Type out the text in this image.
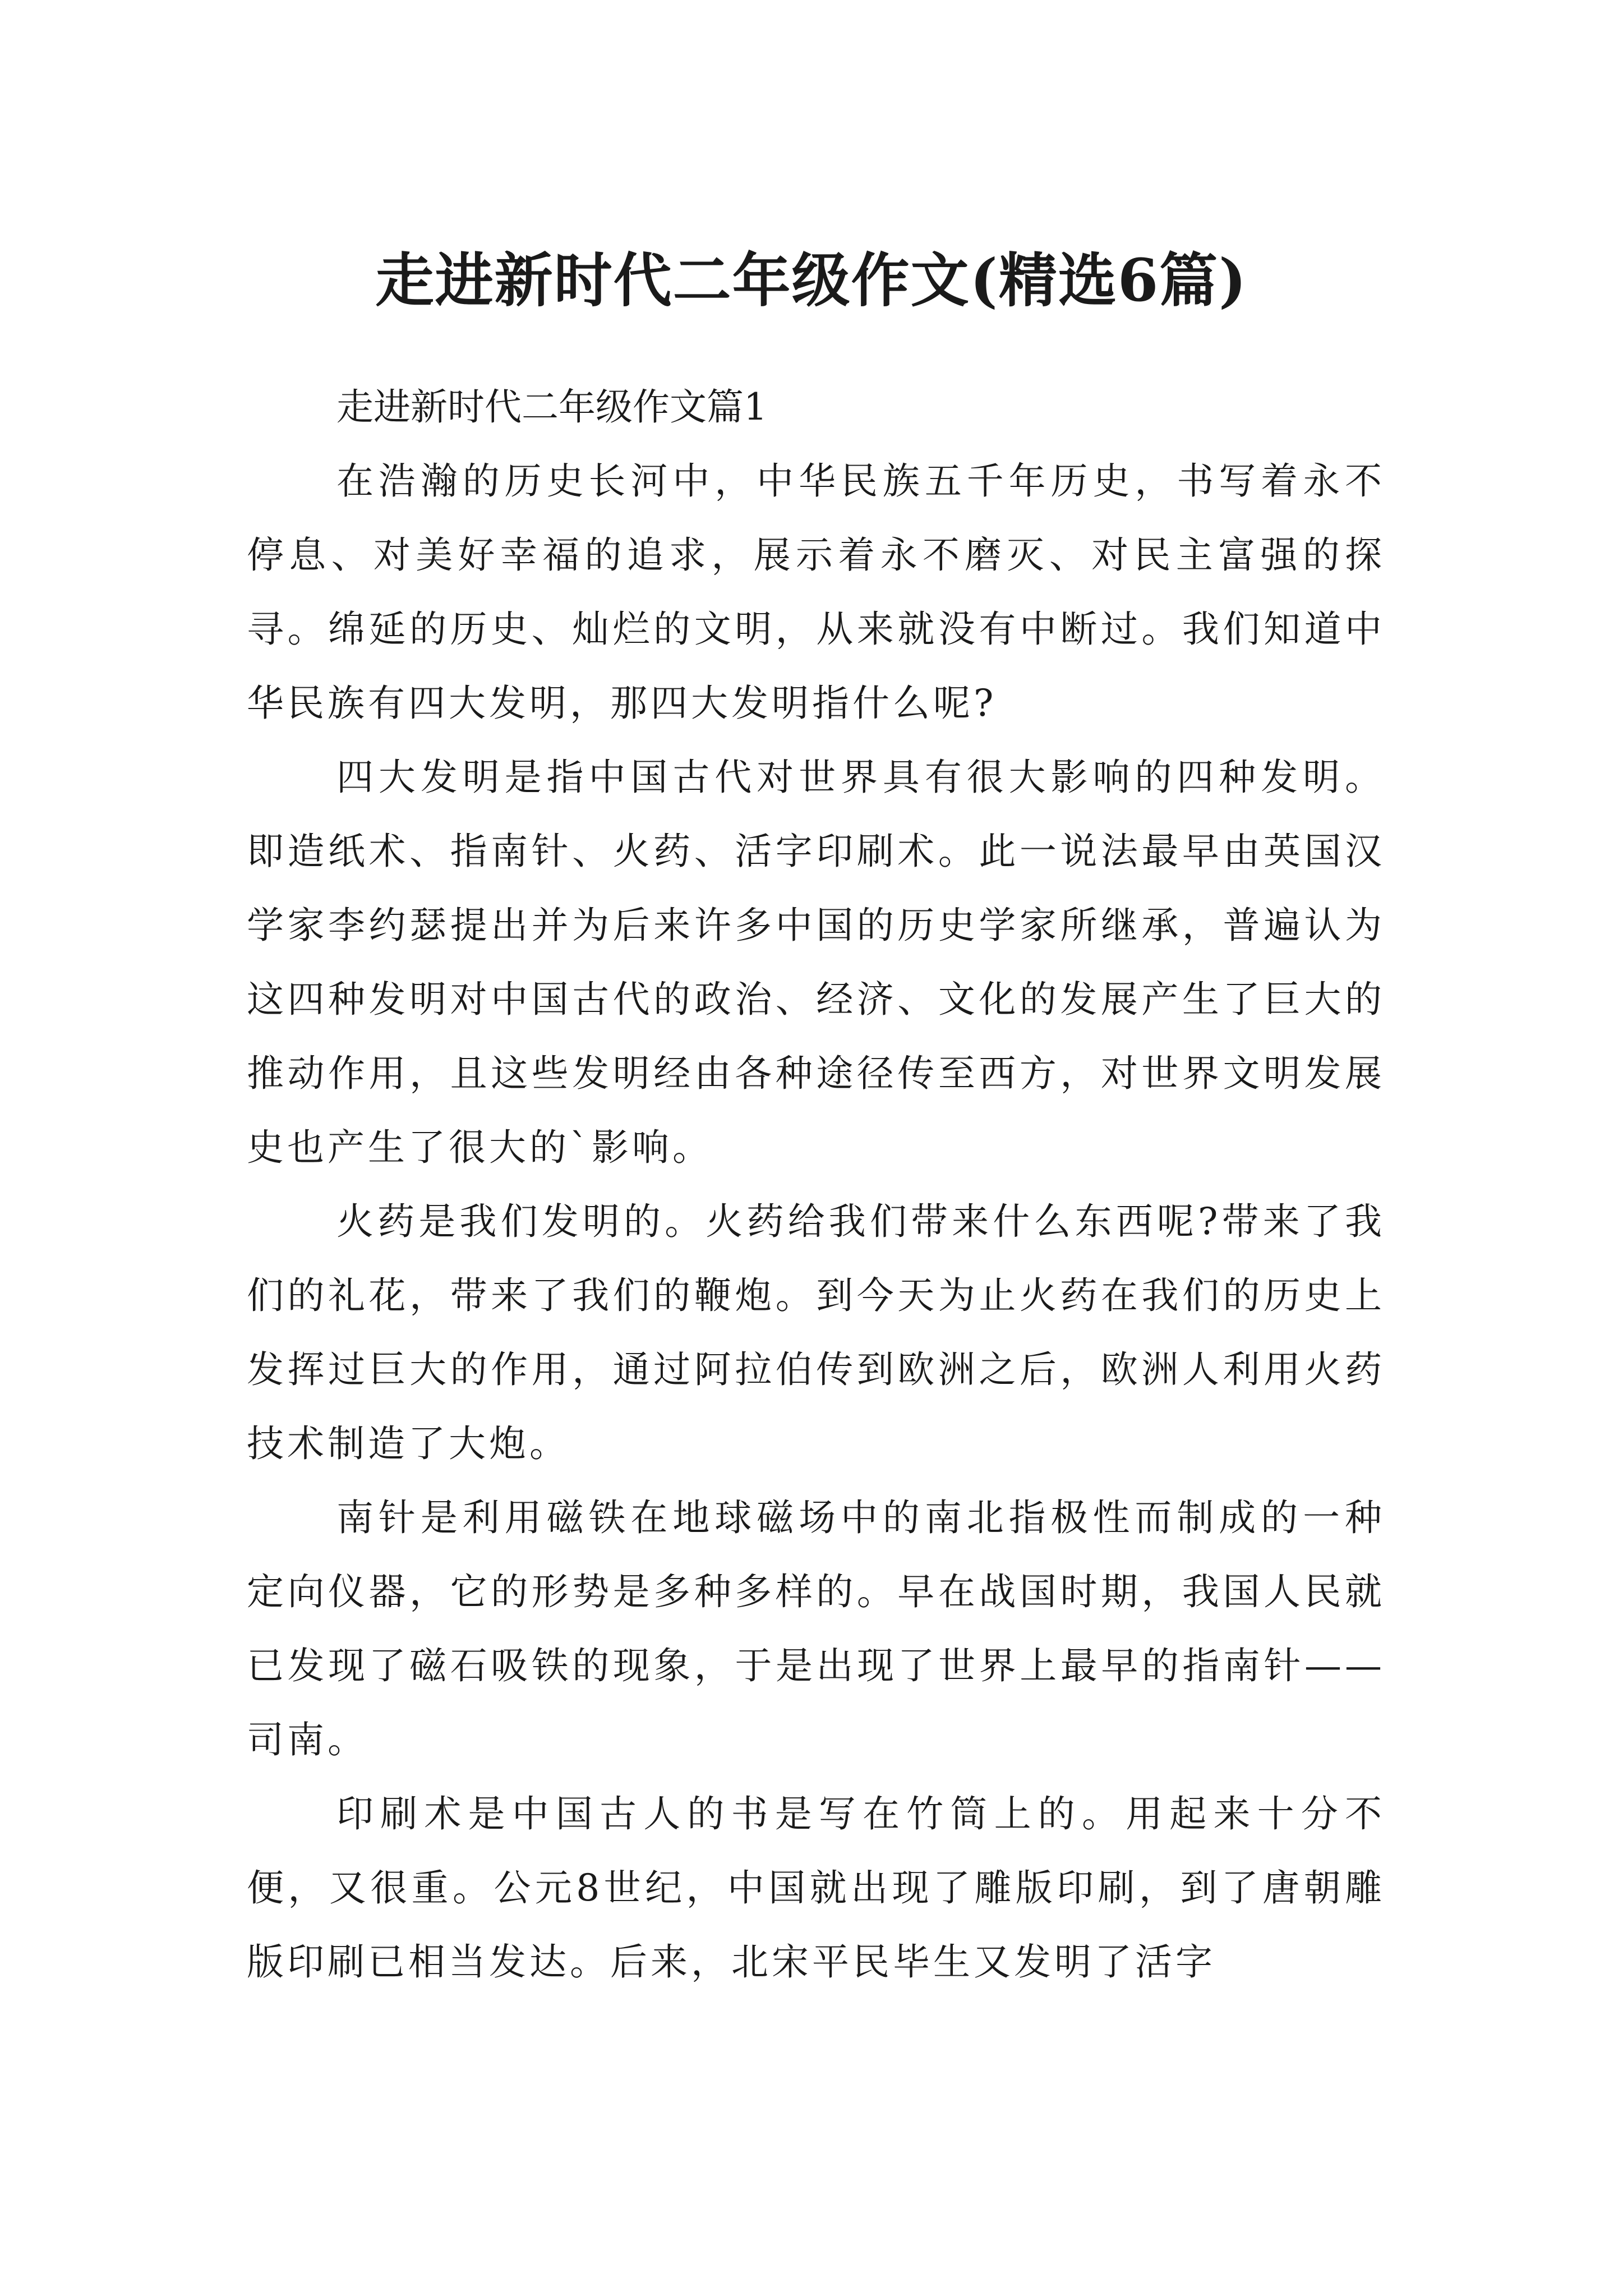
走进新时代二年级作文(精选6篇)

走进新时代二年级作文篇1

在浩瀚的历史长河中，中华民族五千年历史，书写着永不停息、对美好幸福的追求，展示着永不磨灭、对民主富强的探寻。绵延的历史、灿烂的文明，从来就没有中断过。我们知道中华民族有四大发明，那四大发明指什么呢?

四大发明是指中国古代对世界具有很大影响的四种发明。即造纸术、指南针、火药、活字印刷术。此一说法最早由英国汉学家李约瑟提出并为后来许多中国的历史学家所继承，普遍认为这四种发明对中国古代的政治、经济、文化的发展产生了巨大的推动作用，且这些发明经由各种途径传至西方，对世界文明发展史也产生了很大的`影响。

火药是我们发明的。火药给我们带来什么东西呢?带来了我们的礼花，带来了我们的鞭炮。到今天为止火药在我们的历史上发挥过巨大的作用，通过阿拉伯传到欧洲之后，欧洲人利用火药技术制造了大炮。

南针是利用磁铁在地球磁场中的南北指极性而制成的一种定向仪器，它的形势是多种多样的。早在战国时期，我国人民就已发现了磁石吸铁的现象，于是出现了世界上最早的指南针——司南。

印刷术是中国古人的书是写在竹筒上的。用起来十分不便，又很重。公元8世纪，中国就出现了雕版印刷，到了唐朝雕版印刷已相当发达。后来，北宋平民毕生又发明了活字
